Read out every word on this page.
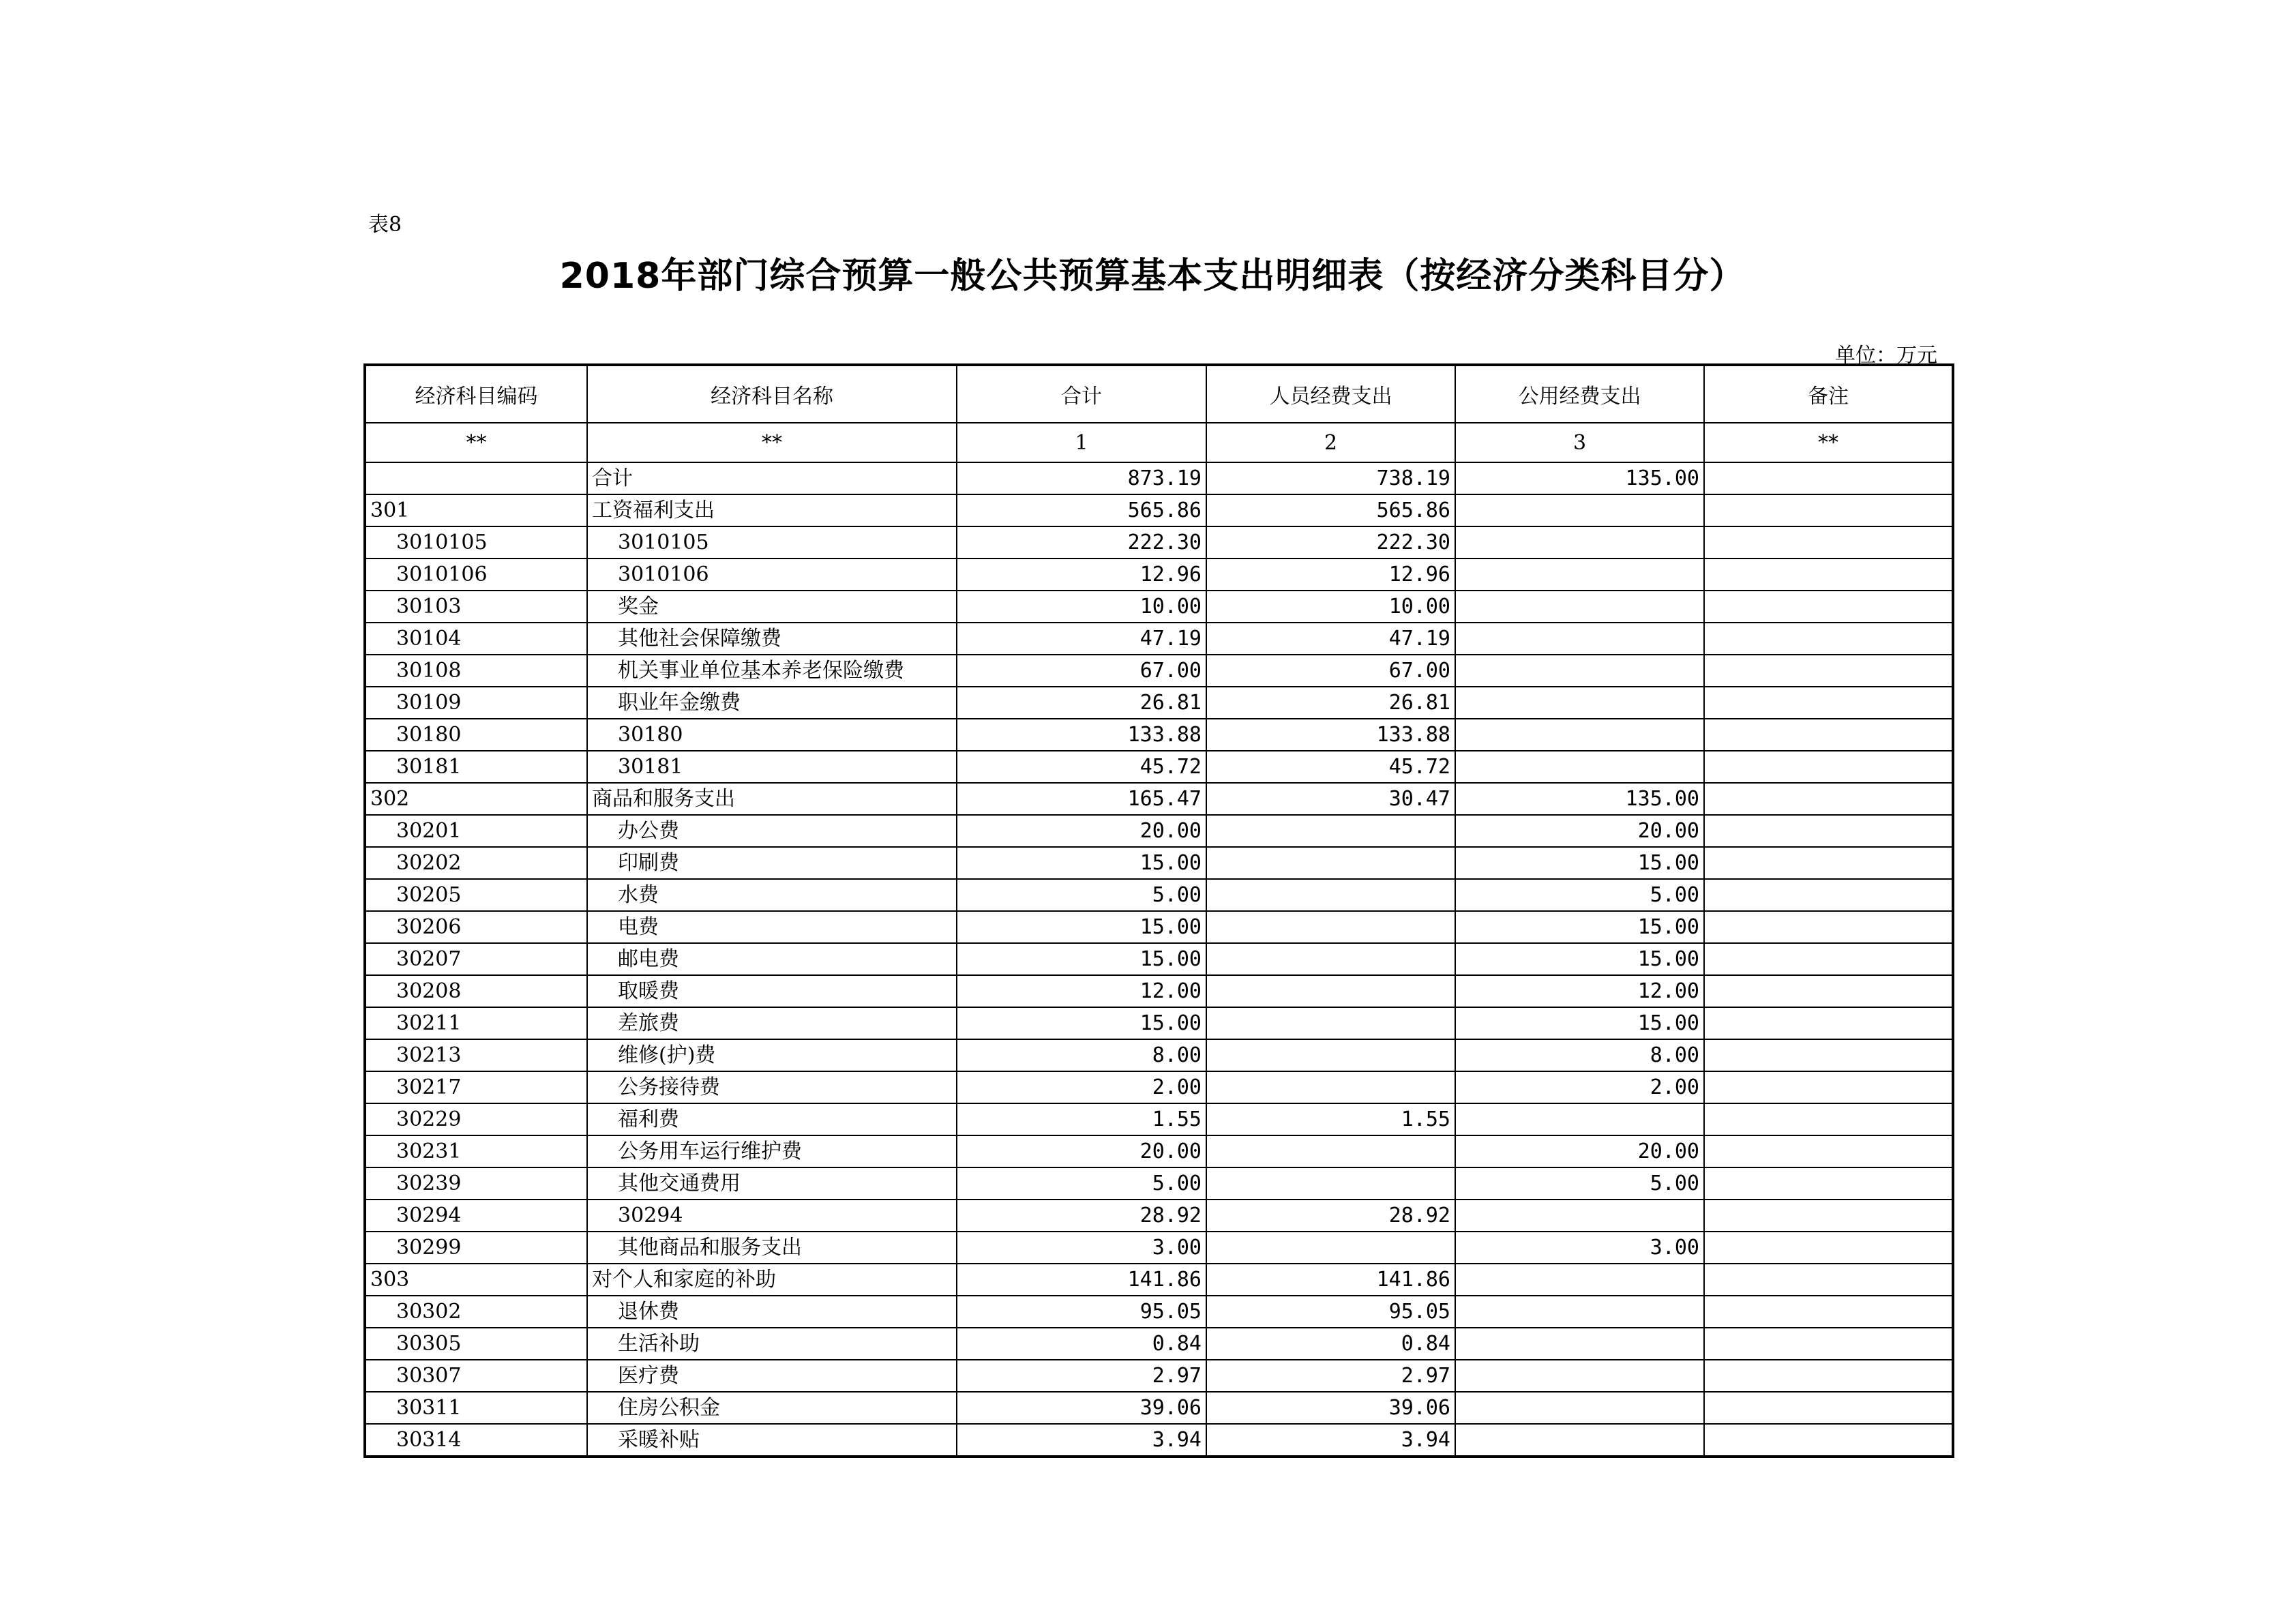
表8
2018年部门综合预算一般公共预算基本支出明细表（按经济分类科目分）
单位：万元
经济科目编码	经济科目名称	合计	人员经费支出	公用经费支出	备注
**	**	1	2	3	**
	合计	873.19	738.19	135.00	
301	工资福利支出	565.86	565.86		
3010105	3010105	222.30	222.30		
3010106	3010106	12.96	12.96		
30103	奖金	10.00	10.00		
30104	其他社会保障缴费	47.19	47.19		
30108	机关事业单位基本养老保险缴费	67.00	67.00		
30109	职业年金缴费	26.81	26.81		
30180	30180	133.88	133.88		
30181	30181	45.72	45.72		
302	商品和服务支出	165.47	30.47	135.00	
30201	办公费	20.00		20.00	
30202	印刷费	15.00		15.00	
30205	水费	5.00		5.00	
30206	电费	15.00		15.00	
30207	邮电费	15.00		15.00	
30208	取暖费	12.00		12.00	
30211	差旅费	15.00		15.00	
30213	维修(护)费	8.00		8.00	
30217	公务接待费	2.00		2.00	
30229	福利费	1.55	1.55		
30231	公务用车运行维护费	20.00		20.00	
30239	其他交通费用	5.00		5.00	
30294	30294	28.92	28.92		
30299	其他商品和服务支出	3.00		3.00	
303	对个人和家庭的补助	141.86	141.86		
30302	退休费	95.05	95.05		
30305	生活补助	0.84	0.84		
30307	医疗费	2.97	2.97		
30311	住房公积金	39.06	39.06		
30314	采暖补贴	3.94	3.94		
